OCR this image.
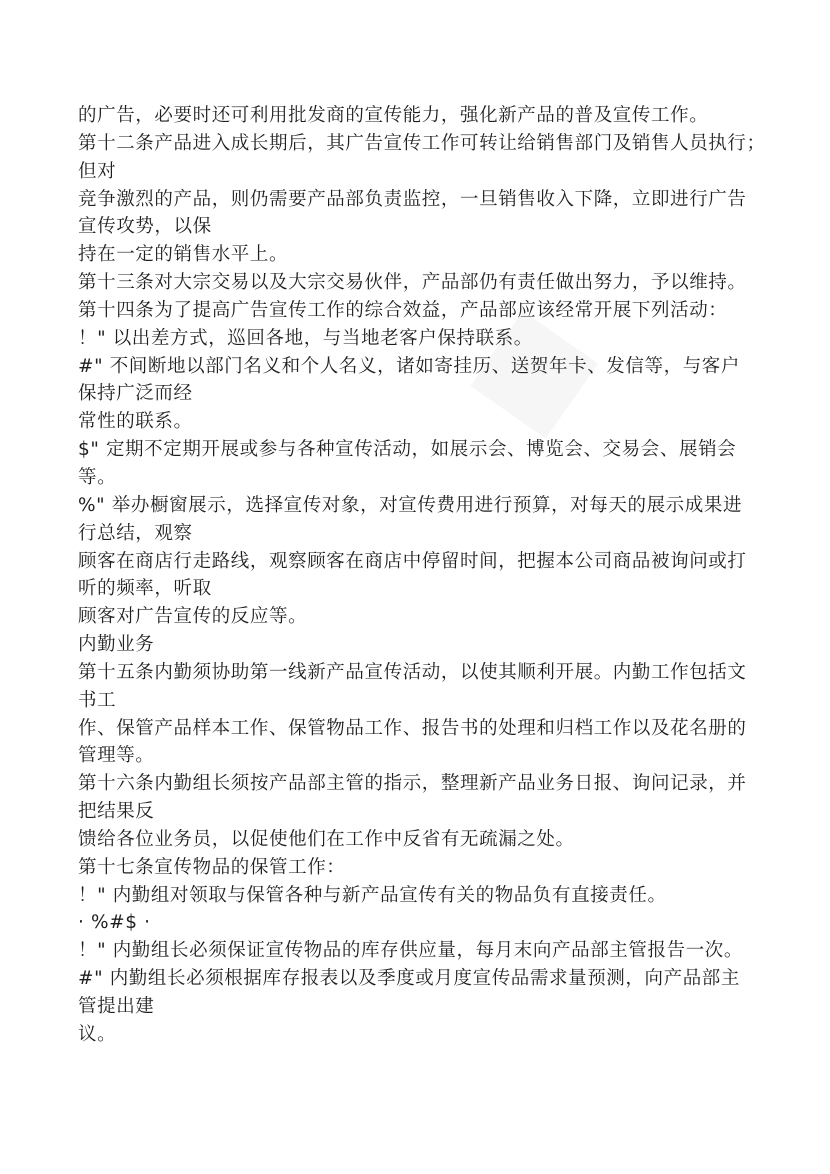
的广告，必要时还可利用批发商的宣传能力，强化新产品的普及宣传工作。
第十二条产品进入成长期后，其广告宣传工作可转让给销售部门及销售人员执行；
但对
竞争激烈的产品，则仍需要产品部负责监控，一旦销售收入下降，立即进行广告
宣传攻势，以保
持在一定的销售水平上。
第十三条对大宗交易以及大宗交易伙伴，产品部仍有责任做出努力，予以维持。
第十四条为了提高广告宣传工作的综合效益，产品部应该经常开展下列活动：
！" 以出差方式，巡回各地，与当地老客户保持联系。
#" 不间断地以部门名义和个人名义，诸如寄挂历、送贺年卡、发信等，与客户
保持广泛而经
常性的联系。
$" 定期不定期开展或参与各种宣传活动，如展示会、博览会、交易会、展销会
等。
%" 举办橱窗展示，选择宣传对象，对宣传费用进行预算，对每天的展示成果进
行总结，观察
顾客在商店行走路线，观察顾客在商店中停留时间，把握本公司商品被询问或打
听的频率，听取
顾客对广告宣传的反应等。
内勤业务
第十五条内勤须协助第一线新产品宣传活动，以使其顺利开展。内勤工作包括文
书工
作、保管产品样本工作、保管物品工作、报告书的处理和归档工作以及花名册的
管理等。
第十六条内勤组长须按产品部主管的指示，整理新产品业务日报、询问记录，并
把结果反
馈给各位业务员，以促使他们在工作中反省有无疏漏之处。
第十七条宣传物品的保管工作：
！" 内勤组对领取与保管各种与新产品宣传有关的物品负有直接责任。
· %#$ ·
！" 内勤组长必须保证宣传物品的库存供应量，每月末向产品部主管报告一次。
#" 内勤组长必须根据库存报表以及季度或月度宣传品需求量预测，向产品部主
管提出建
议。
